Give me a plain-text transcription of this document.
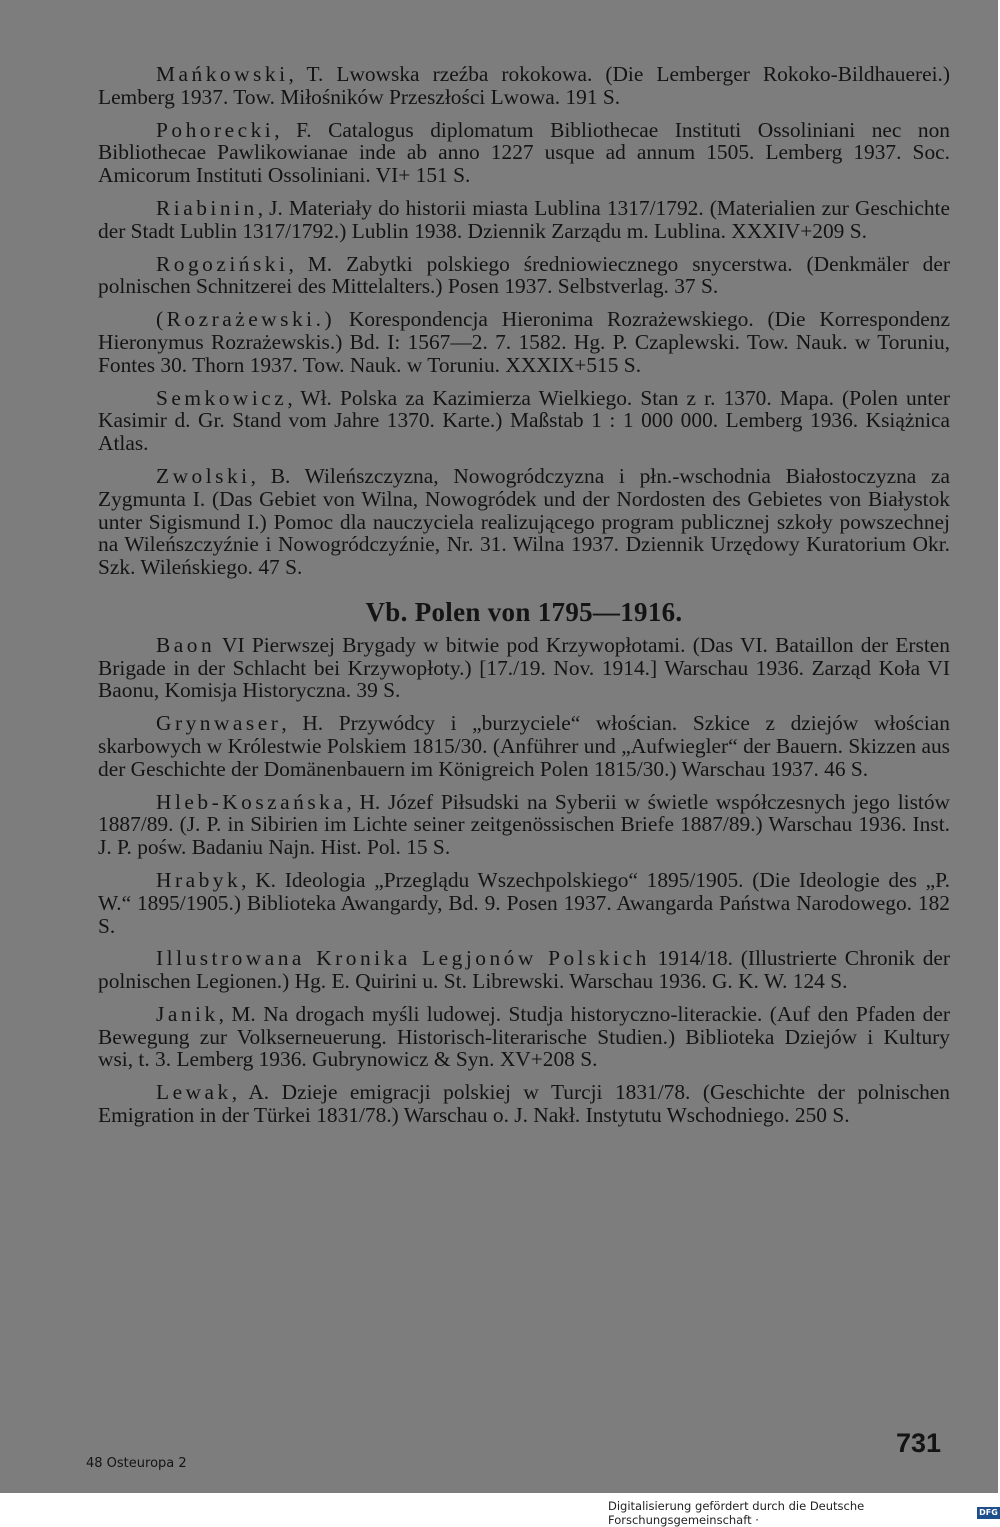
Mańkowski, T. Lwowska rzeźba rokokowa. (Die Lemberger Rokoko-Bildhauerei.) Lemberg 1937. Tow. Miłośników Przeszłości Lwowa. 191 S.

Pohorecki, F. Catalogus diplomatum Bibliothecae Instituti Ossoliniani nec non Bibliothecae Pawlikowianae inde ab anno 1227 usque ad annum 1505. Lemberg 1937. Soc. Amicorum Instituti Ossoliniani. VI+ 151 S.

Riabinin, J. Materiały do historii miasta Lublina 1317/1792. (Materialien zur Geschichte der Stadt Lublin 1317/1792.) Lublin 1938. Dziennik Zarządu m. Lublina. XXXIV+209 S.

Rogoziński, M. Zabytki polskiego średniowiecznego snycerstwa. (Denkmäler der polnischen Schnitzerei des Mittelalters.) Posen 1937. Selbstverlag. 37 S.

(Rozrażewski.) Korespondencja Hieronima Rozrażewskiego. (Die Korrespondenz Hieronymus Rozrażewskis.) Bd. I: 1567—2. 7. 1582. Hg. P. Czaplewski. Tow. Nauk. w Toruniu, Fontes 30. Thorn 1937. Tow. Nauk. w Toruniu. XXXIX+515 S.

Semkowicz, Wł. Polska za Kazimierza Wielkiego. Stan z r. 1370. Mapa. (Polen unter Kasimir d. Gr. Stand vom Jahre 1370. Karte.) Maßstab 1 : 1 000 000. Lemberg 1936. Książnica Atlas.

Zwolski, B. Wileńszczyzna, Nowogródczyzna i płn.-wschodnia Białostoczyzna za Zygmunta I. (Das Gebiet von Wilna, Nowogródek und der Nordosten des Gebietes von Białystok unter Sigismund I.) Pomoc dla nauczyciela realizującego program publicznej szkoły powszechnej na Wileńszczyźnie i Nowogródczyźnie, Nr. 31. Wilna 1937. Dziennik Urzędowy Kuratorium Okr. Szk. Wileńskiego. 47 S.

Vb. Polen von 1795—1916.

Baon VI Pierwszej Brygady w bitwie pod Krzywopłotami. (Das VI. Bataillon der Ersten Brigade in der Schlacht bei Krzywopłoty.) [17./19. Nov. 1914.] Warschau 1936. Zarząd Koła VI Baonu, Komisja Historyczna. 39 S.

Grynwaser, H. Przywódcy i „burzyciele“ włościan. Szkice z dziejów włościan skarbowych w Królestwie Polskiem 1815/30. (Anführer und „Aufwiegler“ der Bauern. Skizzen aus der Geschichte der Domänenbauern im Königreich Polen 1815/30.) Warschau 1937. 46 S.

Hleb-Koszańska, H. Józef Piłsudski na Syberii w świetle współczesnych jego listów 1887/89. (J. P. in Sibirien im Lichte seiner zeitgenössischen Briefe 1887/89.) Warschau 1936. Inst. J. P. pośw. Badaniu Najn. Hist. Pol. 15 S.

Hrabyk, K. Ideologia „Przeglądu Wszechpolskiego“ 1895/1905. (Die Ideologie des „P. W.“ 1895/1905.) Biblioteka Awangardy, Bd. 9. Posen 1937. Awangarda Państwa Narodowego. 182 S.

Illustrowana Kronika Legjonów Polskich 1914/18. (Illustrierte Chronik der polnischen Legionen.) Hg. E. Quirini u. St. Librewski. Warschau 1936. G. K. W. 124 S.

Janik, M. Na drogach myśli ludowej. Studja historyczno-literackie. (Auf den Pfaden der Bewegung zur Volkserneuerung. Historisch-literarische Studien.) Biblioteka Dziejów i Kultury wsi, t. 3. Lemberg 1936. Gubrynowicz & Syn. XV+208 S.

Lewak, A. Dzieje emigracji polskiej w Turcji 1831/78. (Geschichte der polnischen Emigration in der Türkei 1831/78.) Warschau o. J. Nakł. Instytutu Wschodniego. 250 S.

48 Osteuropa 2
731
Digitalisierung gefördert durch die Deutsche Forschungsgemeinschaft ·
DFG
